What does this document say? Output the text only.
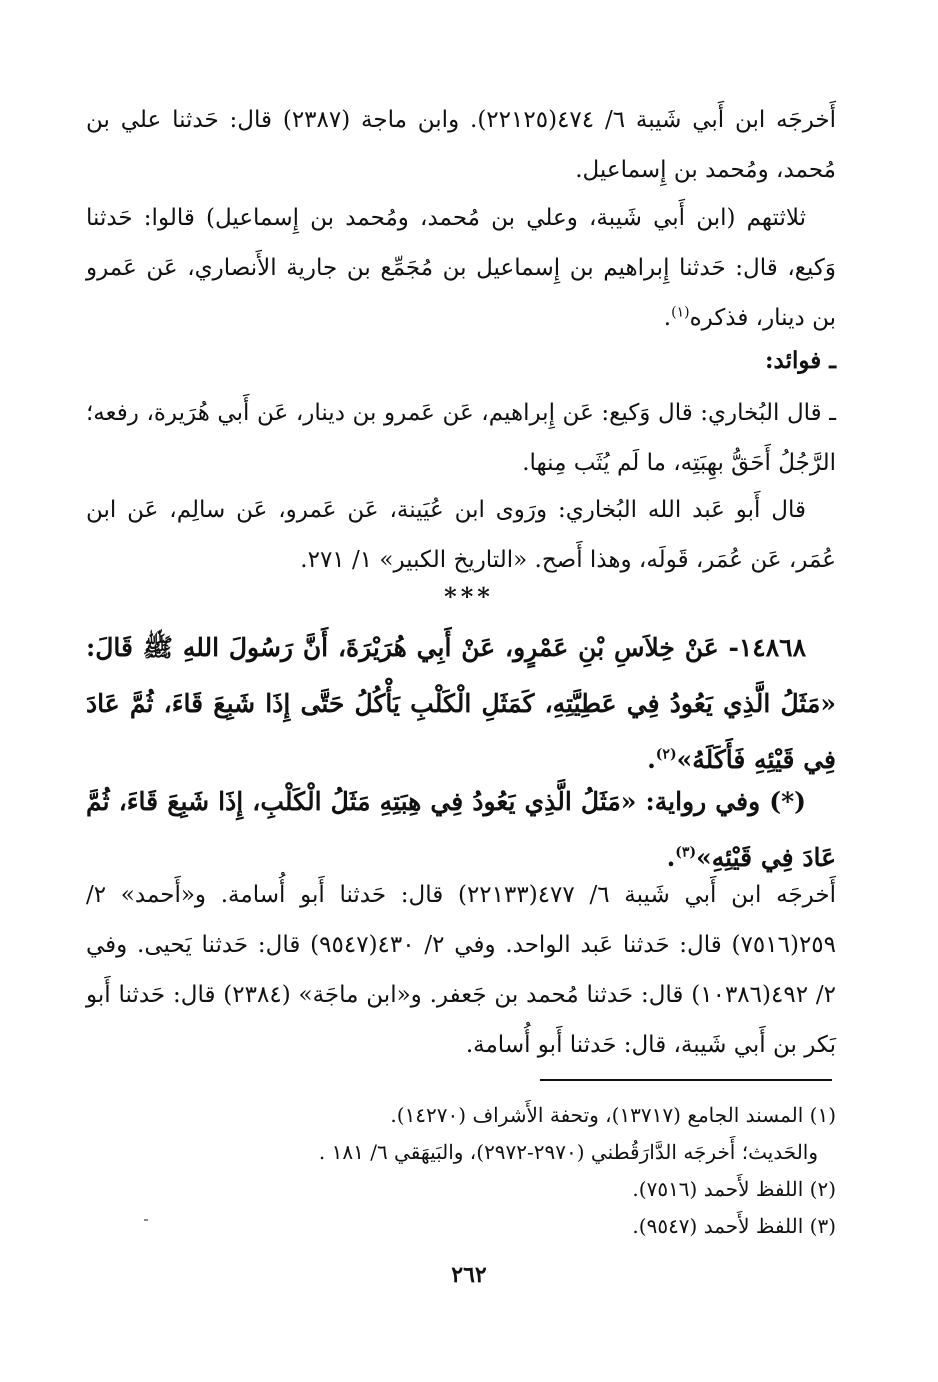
أَخرجَه ابن أَبي شَيبة ٦/ ٤٧٤(٢٢١٢٥). وابن ماجة (٢٣٨٧) قال: حَدثنا علي بن مُحمد، ومُحمد بن إِسماعيل.
ثلاثتهم (ابن أَبي شَيبة، وعلي بن مُحمد، ومُحمد بن إِسماعيل) قالوا: حَدثنا وَكيع، قال: حَدثنا إِبراهيم بن إِسماعيل بن مُجَمِّع بن جارية الأَنصاري، عَن عَمرو بن دينار، فذكره$^{(١)}$.
ـ فوائد:
ـ قال البُخاري: قال وَكيع: عَن إِبراهيم، عَن عَمرو بن دينار، عَن أَبي هُرَيرة، رفعه؛ الرَّجُلُ أَحَقُّ بهِبَتِه، ما لَم يُثَب مِنها.
قال أَبو عَبد الله البُخاري: ورَوى ابن عُيَينة، عَن عَمرو، عَن سالِم، عَن ابن عُمَر، عَن عُمَر، قَولَه، وهذا أَصح. «التاريخ الكبير» ١/ ٢٧١.
***
١٤٨٦٨- عَنْ خِلاَسِ بْنِ عَمْرٍو، عَنْ أَبِي هُرَيْرَةَ، أَنَّ رَسُولَ اللهِ ﷺ قَالَ: «مَثَلُ الَّذِي يَعُودُ فِي عَطِيَّتِهِ، كَمَثَلِ الْكَلْبِ يَأْكُلُ حَتَّى إِذَا شَبِعَ قَاءَ، ثُمَّ عَادَ فِي قَيْئِهِ فَأَكَلَهُ»$^{(٢)}$.
(*) وفي رواية: «مَثَلُ الَّذِي يَعُودُ فِي هِبَتِهِ مَثَلُ الْكَلْبِ، إِذَا شَبِعَ قَاءَ، ثُمَّ عَادَ فِي قَيْئِهِ»$^{(٣)}$.
أَخرجَه ابن أَبي شَيبة ٦/ ٤٧٧(٢٢١٣٣) قال: حَدثنا أَبو أُسامة. و«أَحمد» ٢/ ٢٥٩(٧٥١٦) قال: حَدثنا عَبد الواحد. وفي ٢/ ٤٣٠(٩٥٤٧) قال: حَدثنا يَحيى. وفي ٢/ ٤٩٢(١٠٣٨٦) قال: حَدثنا مُحمد بن جَعفر. و«ابن ماجَة» (٢٣٨٤) قال: حَدثنا أَبو بَكر بن أَبي شَيبة، قال: حَدثنا أَبو أُسامة.
(١) المسند الجامع (١٣٧١٧)، وتحفة الأَشراف (١٤٢٧٠).
والحَديث؛ أَخرجَه الدَّارَقُطني (٢٩٧٠-٢٩٧٢)، والبَيهَقي ٦/ ١٨١ .
(٢) اللفظ لأَحمد (٧٥١٦).
(٣) اللفظ لأَحمد (٩٥٤٧).
٢٦٢
